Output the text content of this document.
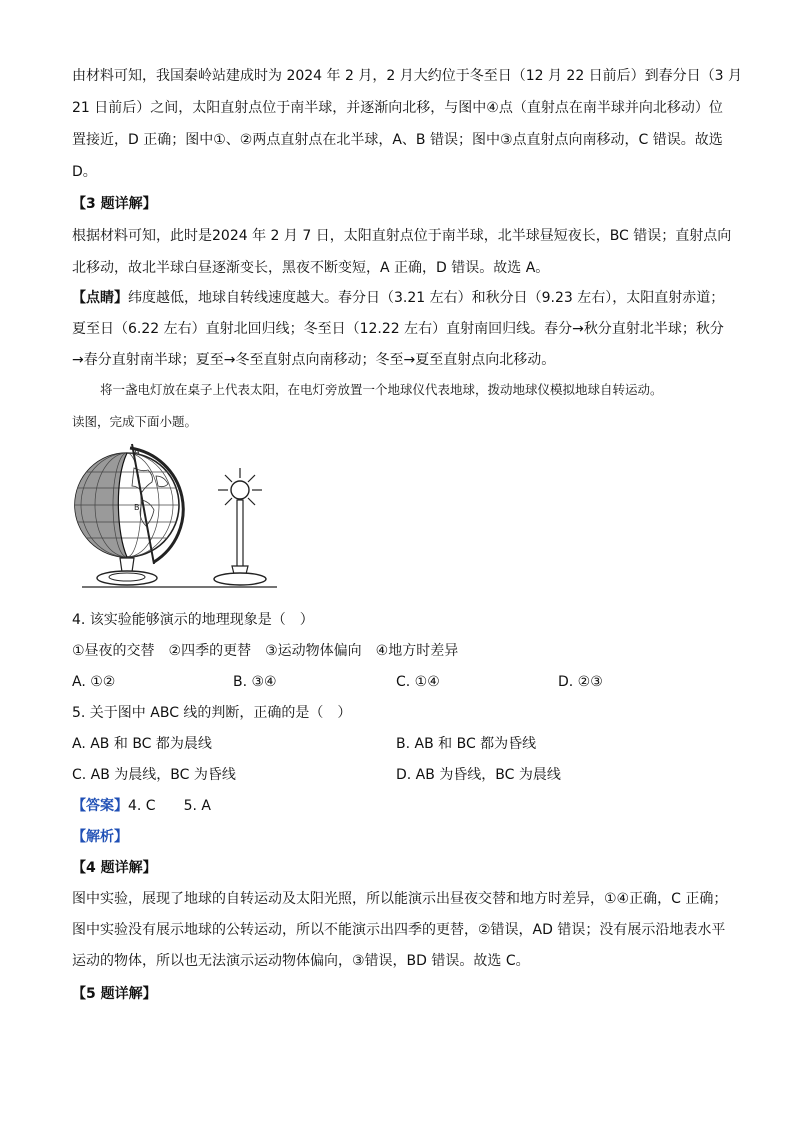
由材料可知，我国秦岭站建成时为 2024 年 2 月，2 月大约位于冬至日（12 月 22 日前后）到春分日（3 月
21 日前后）之间，太阳直射点位于南半球，并逐渐向北移，与图中④点（直射点在南半球并向北移动）位
置接近，D 正确；图中①、②两点直射点在北半球，A、B 错误；图中③点直射点向南移动，C 错误。故选
D。
【3 题详解】
根据材料可知，此时是2024 年 2 月 7 日，太阳直射点位于南半球，北半球昼短夜长，BC 错误；直射点向
北移动，故北半球白昼逐渐变长，黑夜不断变短，A 正确，D 错误。故选 A。
【点睛】纬度越低，地球自转线速度越大。春分日（3.21 左右）和秋分日（9.23 左右），太阳直射赤道；
夏至日（6.22 左右）直射北回归线；冬至日（12.22 左右）直射南回归线。春分→秋分直射北半球；秋分
→春分直射南半球；夏至→冬至直射点向南移动；冬至→夏至直射点向北移动。
将一盏电灯放在桌子上代表太阳，在电灯旁放置一个地球仪代表地球，拨动地球仪模拟地球自转运动。
读图，完成下面小题。
A
B
4. 该实验能够演示的地理现象是（　）
①昼夜的交替　②四季的更替　③运动物体偏向　④地方时差异
A. ①②	B. ③④	C. ①④	D. ②③
5. 关于图中 ABC 线的判断，正确的是（　）
A. AB 和 BC 都为晨线	B. AB 和 BC 都为昏线
C. AB 为晨线，BC 为昏线	D. AB 为昏线，BC 为晨线
【答案】4. C　　5. A
【解析】
【4 题详解】
图中实验，展现了地球的自转运动及太阳光照，所以能演示出昼夜交替和地方时差异，①④正确，C 正确；
图中实验没有展示地球的公转运动，所以不能演示出四季的更替，②错误，AD 错误；没有展示沿地表水平
运动的物体，所以也无法演示运动物体偏向，③错误，BD 错误。故选 C。
【5 题详解】
